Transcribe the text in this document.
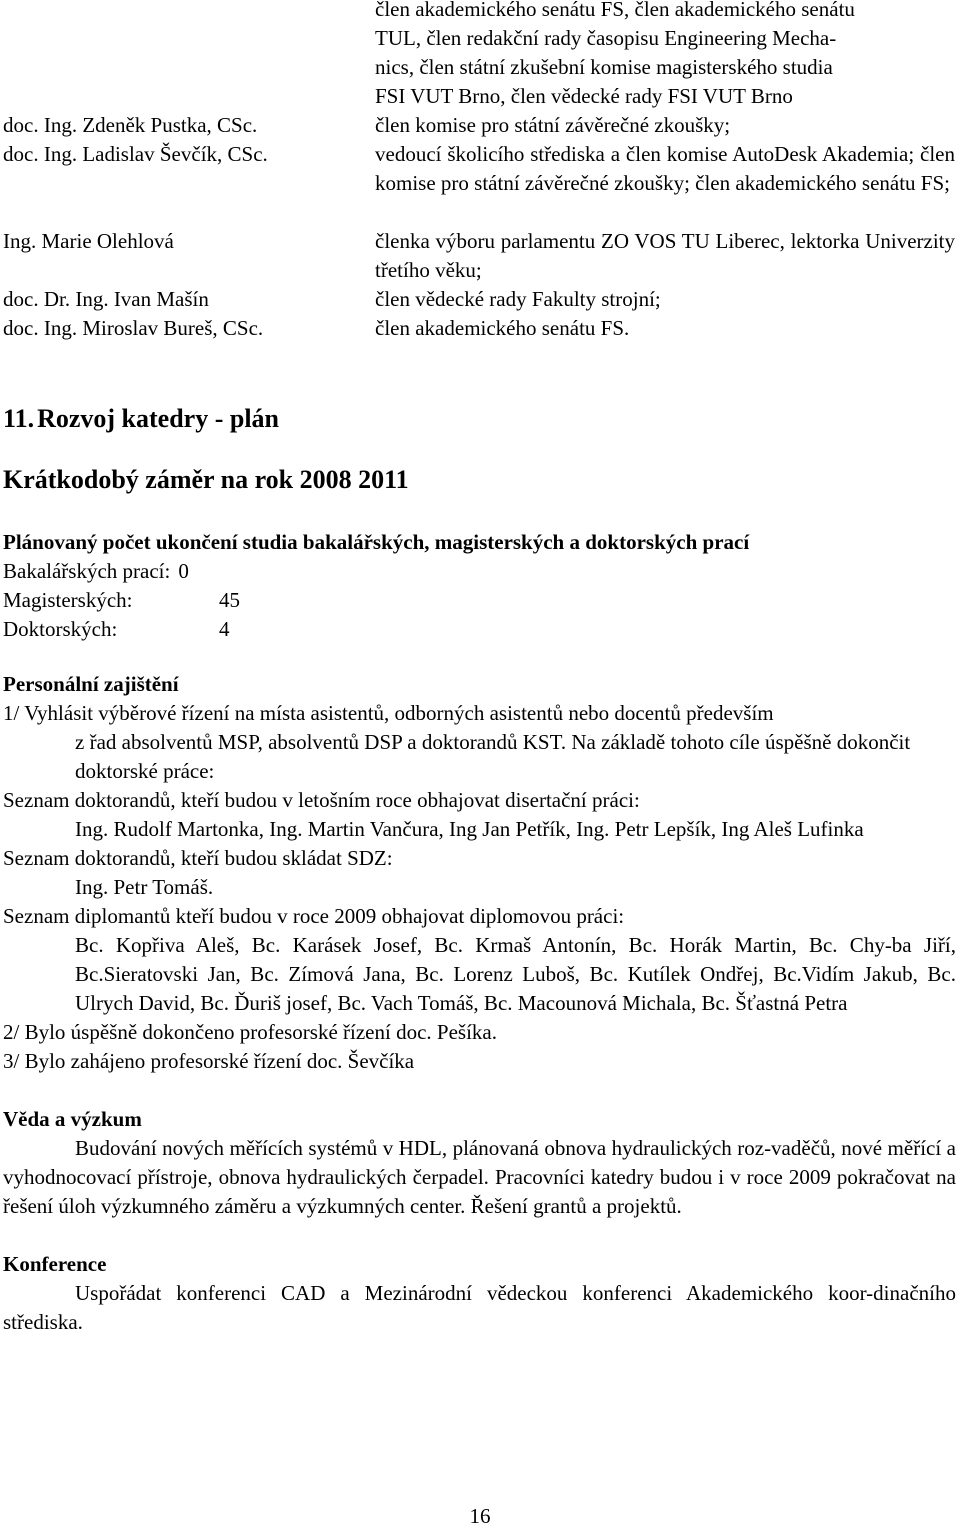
člen akademického senátu FS, člen akademického senátu
TUL, člen redakční rady časopisu Engineering Mecha-
nics, člen státní zkušební komise magisterského studia
FSI VUT Brno, člen vědecké rady FSI VUT Brno

doc. Ing. Zdeněk Pustka, CSc.	člen komise pro státní závěrečné zkoušky;

doc. Ing. Ladislav Ševčík, CSc.	vedoucí školicího střediska a člen komise AutoDesk Akademia; člen komise pro státní závěrečné zkoušky; člen akademického senátu FS;

Ing. Marie Olehlová	členka výboru parlamentu ZO VOS TU Liberec, lektorka Univerzity třetího věku;

doc. Dr. Ing. Ivan Mašín	člen vědecké rady Fakulty strojní;

doc. Ing. Miroslav Bureš, CSc.	člen akademického senátu FS.

11. Rozvoj katedry - plán
Krátkodobý záměr na rok 2008 2011

Plánovaný počet ukončení studia bakalářských, magisterských a doktorských prací

Bakalářských prací: 0

Magisterských:	45

Doktorských:	4

Personální zajištění

1/ Vyhlásit výběrové řízení na místa asistentů, odborných asistentů nebo docentů především

z řad absolventů MSP, absolventů DSP a doktorandů KST. Na základě tohoto cíle úspěšně dokončit doktorské práce:

Seznam doktorandů, kteří budou v letošním roce obhajovat disertační práci:

Ing. Rudolf Martonka, Ing. Martin Vančura, Ing Jan Petřík, Ing. Petr Lepšík, Ing Aleš Lufinka

Seznam doktorandů, kteří budou skládat SDZ:

Ing. Petr Tomáš.

Seznam diplomantů kteří budou v roce 2009 obhajovat diplomovou práci:

Bc. Kopřiva Aleš, Bc. Karásek Josef, Bc. Krmaš Antonín, Bc. Horák Martin, Bc. Chy-ba Jiří, Bc.Sieratovski Jan, Bc. Zímová Jana, Bc. Lorenz Luboš, Bc. Kutílek Ondřej, Bc.Vidím Jakub, Bc. Ulrych David, Bc. Ďuriš josef, Bc. Vach Tomáš, Bc. Macounová Michala, Bc. Šťastná Petra

2/ Bylo úspěšně dokončeno profesorské řízení doc. Pešíka.

3/ Bylo zahájeno profesorské řízení doc. Ševčíka

Věda a výzkum

Budování nových měřících systémů v HDL, plánovaná obnova hydraulických roz-vaděčů, nové měřící a vyhodnocovací přístroje, obnova hydraulických čerpadel. Pracovníci katedry budou i v roce 2009 pokračovat na řešení úloh výzkumného záměru a výzkumných center. Řešení grantů a projektů.

Konference

Uspořádat konferenci CAD a Mezinárodní vědeckou konferenci Akademického koor-dinačního střediska.

16
